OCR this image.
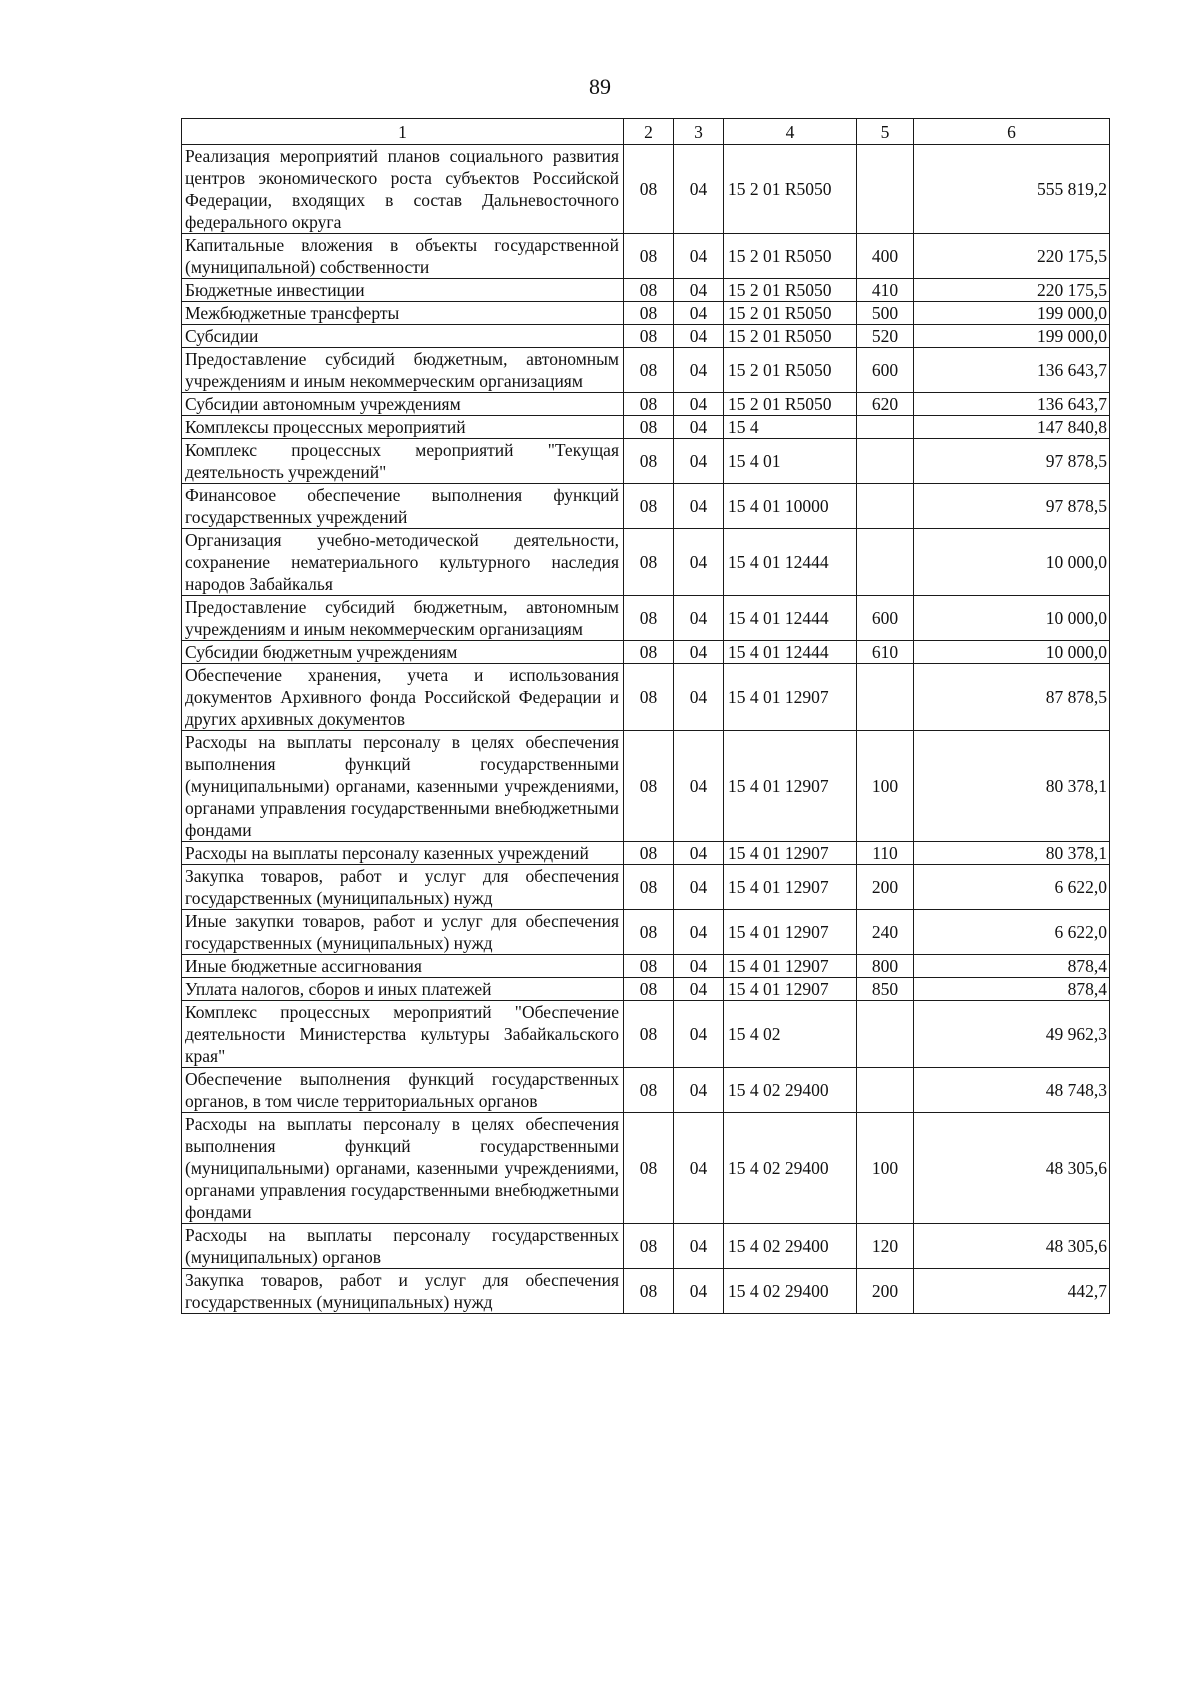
89
1	2	3	4	5	6
Реализация мероприятий планов социального развития центров экономического роста субъектов Российской Федерации, входящих в состав Дальневосточного федерального округа	08	04	15 2 01 R5050		555 819,2
Капитальные вложения в объекты государственной (муниципальной) собственности	08	04	15 2 01 R5050	400	220 175,5
Бюджетные инвестиции	08	04	15 2 01 R5050	410	220 175,5
Межбюджетные трансферты	08	04	15 2 01 R5050	500	199 000,0
Субсидии	08	04	15 2 01 R5050	520	199 000,0
Предоставление субсидий бюджетным, автономным учреждениям и иным некоммерческим организациям	08	04	15 2 01 R5050	600	136 643,7
Субсидии автономным учреждениям	08	04	15 2 01 R5050	620	136 643,7
Комплексы процессных мероприятий	08	04	15 4		147 840,8
Комплекс процессных мероприятий "Текущая деятельность учреждений"	08	04	15 4 01		97 878,5
Финансовое обеспечение выполнения функций государственных учреждений	08	04	15 4 01 10000		97 878,5
Организация учебно-методической деятельности, сохранение нематериального культурного наследия народов Забайкалья	08	04	15 4 01 12444		10 000,0
Предоставление субсидий бюджетным, автономным учреждениям и иным некоммерческим организациям	08	04	15 4 01 12444	600	10 000,0
Субсидии бюджетным учреждениям	08	04	15 4 01 12444	610	10 000,0
Обеспечение хранения, учета и использования документов Архивного фонда Российской Федерации и других архивных документов	08	04	15 4 01 12907		87 878,5
Расходы на выплаты персоналу в целях обеспечения выполнения функций государственными (муниципальными) органами, казенными учреждениями, органами управления государственными внебюджетными фондами	08	04	15 4 01 12907	100	80 378,1
Расходы на выплаты персоналу казенных учреждений	08	04	15 4 01 12907	110	80 378,1
Закупка товаров, работ и услуг для обеспечения государственных (муниципальных) нужд	08	04	15 4 01 12907	200	6 622,0
Иные закупки товаров, работ и услуг для обеспечения государственных (муниципальных) нужд	08	04	15 4 01 12907	240	6 622,0
Иные бюджетные ассигнования	08	04	15 4 01 12907	800	878,4
Уплата налогов, сборов и иных платежей	08	04	15 4 01 12907	850	878,4
Комплекс процессных мероприятий "Обеспечение деятельности Министерства культуры Забайкальского края"	08	04	15 4 02		49 962,3
Обеспечение выполнения функций государственных органов, в том числе территориальных органов	08	04	15 4 02 29400		48 748,3
Расходы на выплаты персоналу в целях обеспечения выполнения функций государственными (муниципальными) органами, казенными учреждениями, органами управления государственными внебюджетными фондами	08	04	15 4 02 29400	100	48 305,6
Расходы на выплаты персоналу государственных (муниципальных) органов	08	04	15 4 02 29400	120	48 305,6
Закупка товаров, работ и услуг для обеспечения государственных (муниципальных) нужд	08	04	15 4 02 29400	200	442,7
